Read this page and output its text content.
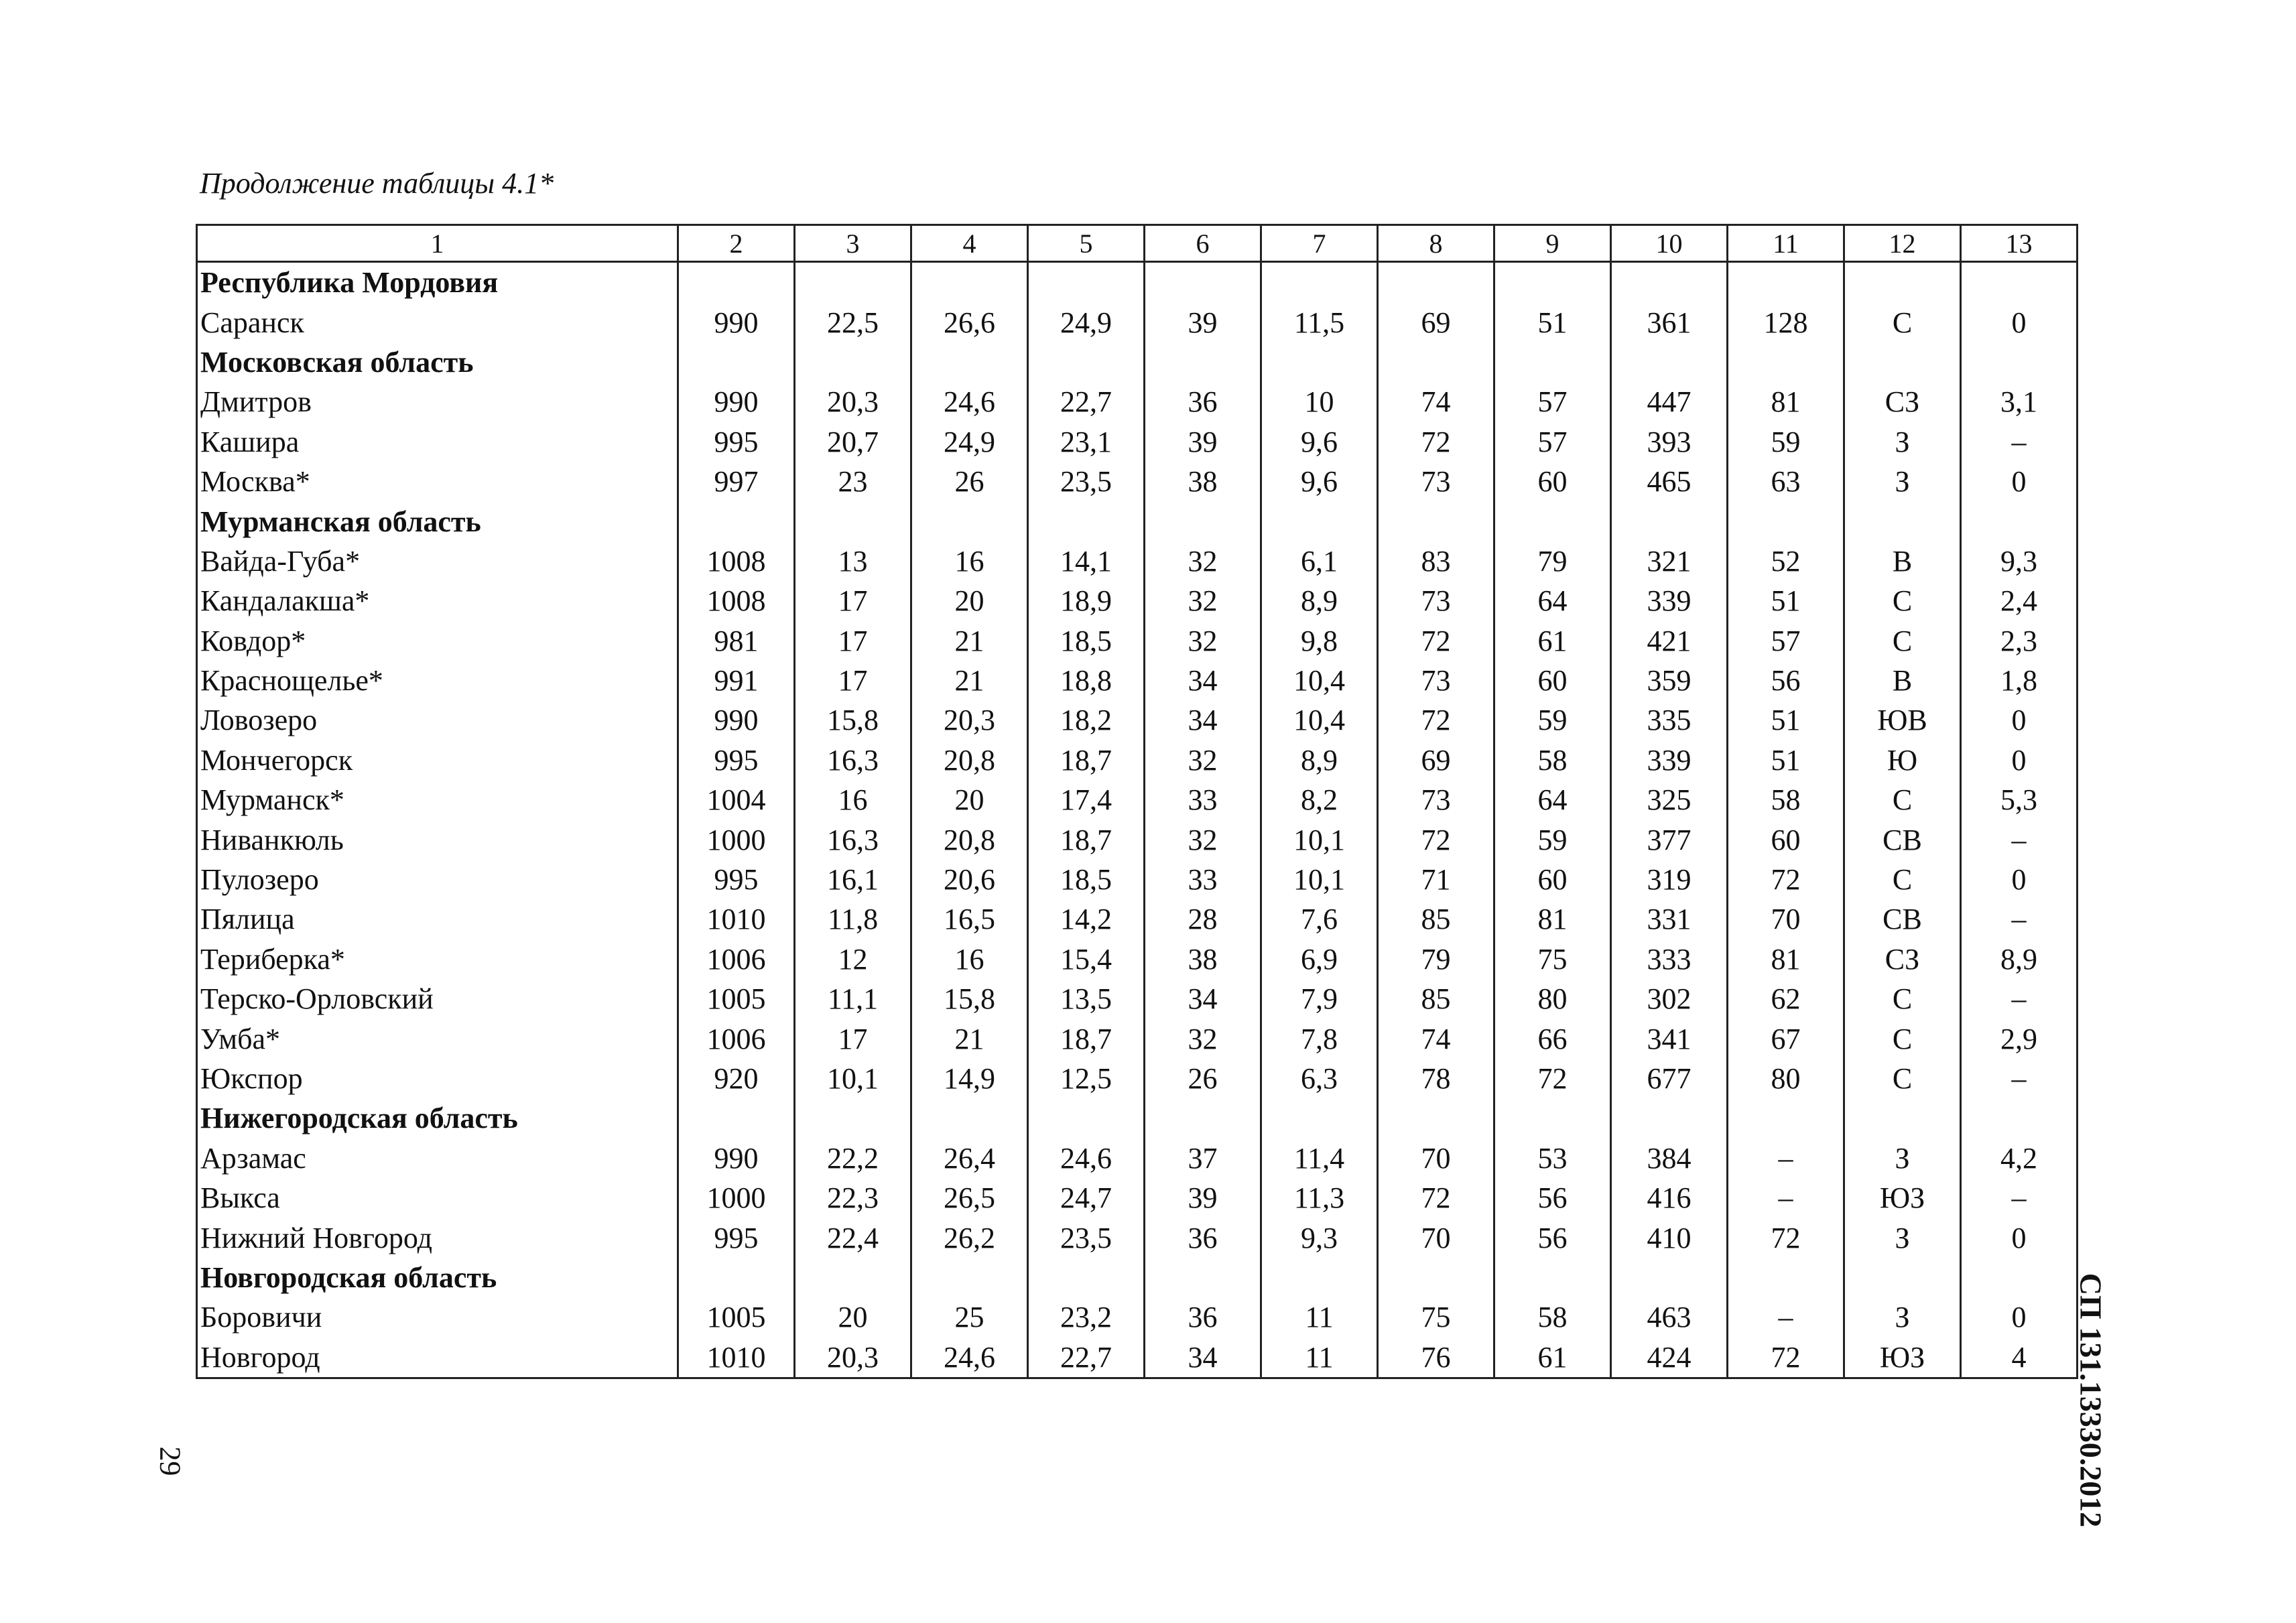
Продолжение таблицы 4.1*
1	2	3	4	5	6	7	8	9	10	11	12	13
Республика Мордовия												
Саранск	990	22,5	26,6	24,9	39	11,5	69	51	361	128	С	0
Московская область												
Дмитров	990	20,3	24,6	22,7	36	10	74	57	447	81	СЗ	3,1
Кашира	995	20,7	24,9	23,1	39	9,6	72	57	393	59	З	–
Москва*	997	23	26	23,5	38	9,6	73	60	465	63	З	0
Мурманская область												
Вайда-Губа*	1008	13	16	14,1	32	6,1	83	79	321	52	В	9,3
Кандалакша*	1008	17	20	18,9	32	8,9	73	64	339	51	С	2,4
Ковдор*	981	17	21	18,5	32	9,8	72	61	421	57	С	2,3
Краснощелье*	991	17	21	18,8	34	10,4	73	60	359	56	В	1,8
Ловозеро	990	15,8	20,3	18,2	34	10,4	72	59	335	51	ЮВ	0
Мончегорск	995	16,3	20,8	18,7	32	8,9	69	58	339	51	Ю	0
Мурманск*	1004	16	20	17,4	33	8,2	73	64	325	58	С	5,3
Ниванкюль	1000	16,3	20,8	18,7	32	10,1	72	59	377	60	СВ	–
Пулозеро	995	16,1	20,6	18,5	33	10,1	71	60	319	72	С	0
Пялица	1010	11,8	16,5	14,2	28	7,6	85	81	331	70	СВ	–
Териберка*	1006	12	16	15,4	38	6,9	79	75	333	81	СЗ	8,9
Терско-Орловский	1005	11,1	15,8	13,5	34	7,9	85	80	302	62	С	–
Умба*	1006	17	21	18,7	32	7,8	74	66	341	67	С	2,9
Юкспор	920	10,1	14,9	12,5	26	6,3	78	72	677	80	С	–
Нижегородская область												
Арзамас	990	22,2	26,4	24,6	37	11,4	70	53	384	–	З	4,2
Выкса	1000	22,3	26,5	24,7	39	11,3	72	56	416	–	ЮЗ	–
Нижний Новгород	995	22,4	26,2	23,5	36	9,3	70	56	410	72	З	0
Новгородская область												
Боровичи	1005	20	25	23,2	36	11	75	58	463	–	З	0
Новгород	1010	20,3	24,6	22,7	34	11	76	61	424	72	ЮЗ	4
29	СП 131.13330.2012
